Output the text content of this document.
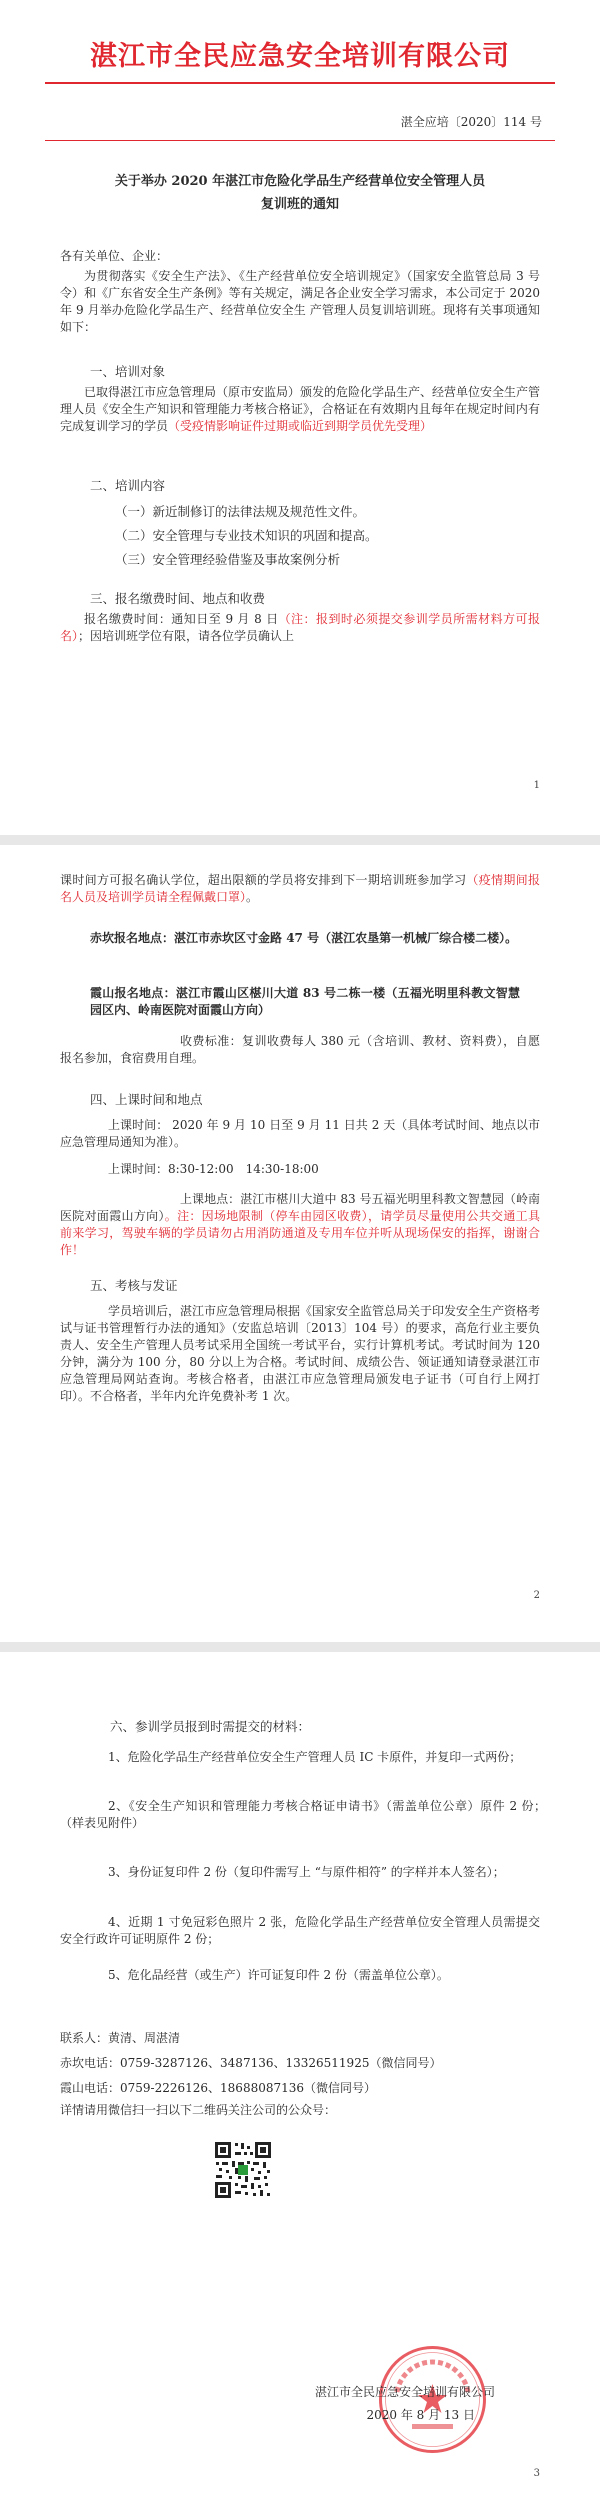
湛江市全民应急安全培训有限公司
湛全应培〔2020〕114 号
关于举办 2020 年湛江市危险化学品生产经营单位安全管理人员
复训班的通知
各有关单位、企业：
为贯彻落实《安全生产法》、《生产经营单位安全培训规定》（国家安全监管总局 3 号令）和《广东省安全生产条例》等有关规定，满足各企业安全学习需求，本公司定于 2020 年 9 月举办危险化学品生产、经营单位安全生 产管理人员复训培训班。现将有关事项通知如下：
一、培训对象
已取得湛江市应急管理局（原市安监局）颁发的危险化学品生产、经营单位安全生产管理人员《安全生产知识和管理能力考核合格证》，合格证在有效期内且每年在规定时间内有完成复训学习的学员（受疫情影响证件过期或临近到期学员优先受理）
二、培训内容
（一）新近制修订的法律法规及规范性文件。
（二）安全管理与专业技术知识的巩固和提高。
（三）安全管理经验借鉴及事故案例分析
三、报名缴费时间、地点和收费
报名缴费时间：通知日至 9 月 8 日（注：报到时必须提交参训学员所需材料方可报名）；因培训班学位有限，请各位学员确认上
1
课时间方可报名确认学位，超出限额的学员将安排到下一期培训班参加学习（疫情期间报名人员及培训学员请全程佩戴口罩）。
赤坎报名地点：湛江市赤坎区寸金路 47 号（湛江农垦第一机械厂综合楼二楼）。
霞山报名地点：湛江市霞山区椹川大道 83 号二栋一楼（五福光明里科教文智慧园区内、岭南医院对面霞山方向）
收费标准：复训收费每人 380 元（含培训、教材、资料费），自愿报名参加，食宿费用自理。
四、上课时间和地点
上课时间： 2020 年 9 月 10 日至 9 月 11 日共 2 天（具体考试时间、地点以市应急管理局通知为准）。
上课时间：8:30-12:00　14:30-18:00
上课地点：湛江市椹川大道中 83 号五福光明里科教文智慧园（岭南医院对面霞山方向）。注：因场地限制（停车由园区收费），请学员尽量使用公共交通工具前来学习，驾驶车辆的学员请勿占用消防通道及专用车位并听从现场保安的指挥，谢谢合作！
五、考核与发证
学员培训后，湛江市应急管理局根据《国家安全监管总局关于印发安全生产资格考试与证书管理暂行办法的通知》（安监总培训〔2013〕104 号）的要求，高危行业主要负责人、安全生产管理人员考试采用全国统一考试平台，实行计算机考试。考试时间为 120 分钟，满分为 100 分，80 分以上为合格。考试时间、成绩公告、领证通知请登录湛江市应急管理局网站查询。考核合格者，由湛江市应急管理局颁发电子证书（可自行上网打印）。不合格者，半年内允许免费补考 1 次。
2
六、参训学员报到时需提交的材料：
1、危险化学品生产经营单位安全生产管理人员 IC 卡原件，并复印一式两份；
2、《安全生产知识和管理能力考核合格证申请书》（需盖单位公章）原件 2 份；　（样表见附件）
3、身份证复印件 2 份（复印件需写上 “与原件相符” 的字样并本人签名）；
4、近期 1 寸免冠彩色照片 2 张，危险化学品生产经营单位安全管理人员需提交安全行政许可证明原件 2 份；
5、危化品经营（或生产）许可证复印件 2 份（需盖单位公章）。
联系人：黄清、周湛清
赤坎电话：0759-3287126、3487136、13326511925（微信同号）
霞山电话：0759-2226126、18688087136（微信同号）
详情请用微信扫一扫以下二维码关注公司的公众号：
湛江市全民应急安全培训有限公司
2020 年 8 月 13 日
3
